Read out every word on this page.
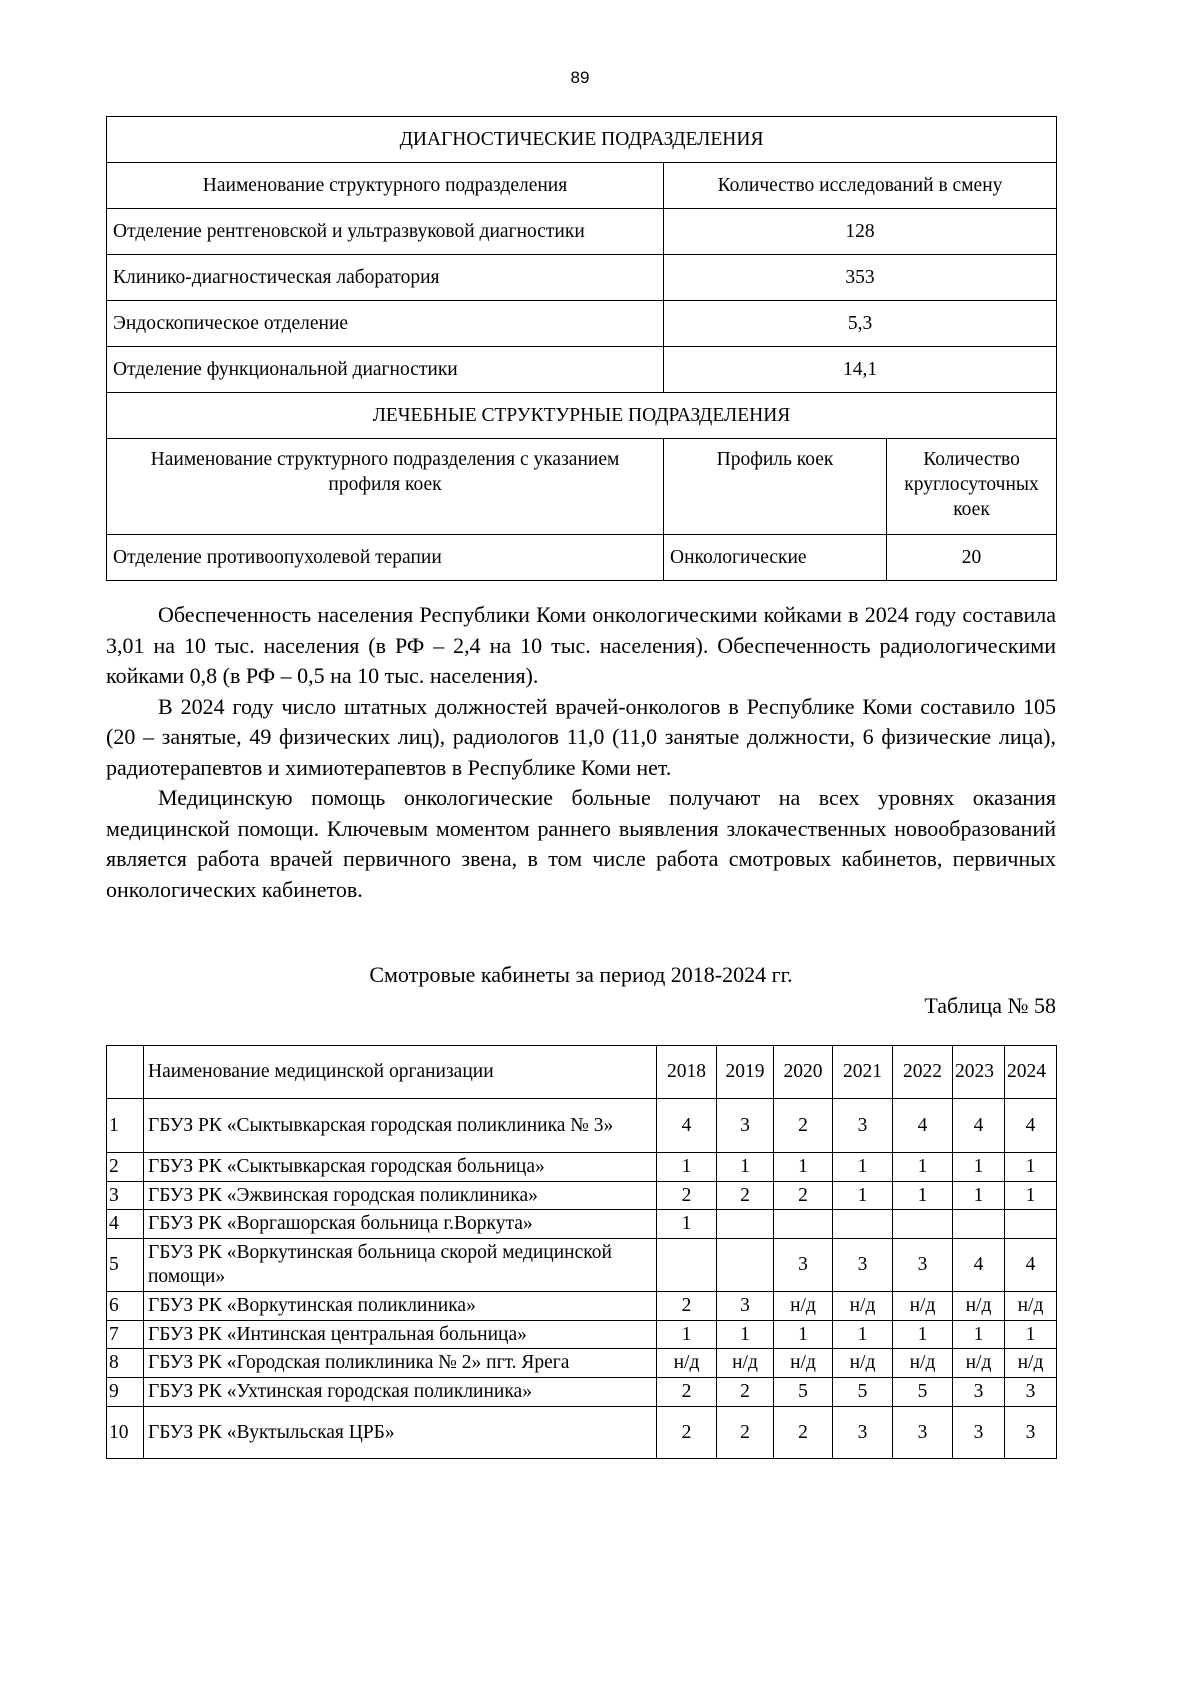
89
ДИАГНОСТИЧЕСКИЕ ПОДРАЗДЕЛЕНИЯ		
Наименование структурного подразделения	Количество исследований в смену	
Отделение рентгеновской и ультразвуковой диагностики	128	
Клинико-диагностическая лаборатория	353	
Эндоскопическое отделение	5,3	
Отделение функциональной диагностики	14,1	
ЛЕЧЕБНЫЕ СТРУКТУРНЫЕ ПОДРАЗДЕЛЕНИЯ		
Наименование структурного подразделения с указанием профиля коек	Профиль коек	Количество круглосуточных коек
Отделение противоопухолевой терапии	Онкологические	20

Обеспеченность населения Республики Коми онкологическими койками в 2024 году составила 3,01 на 10 тыс. населения (в РФ – 2,4 на 10 тыс. населения). Обеспеченность радиологическими койками 0,8 (в РФ – 0,5 на 10 тыс. населения).

В 2024 году число штатных должностей врачей-онкологов в Республике Коми составило 105 (20 – занятые, 49 физических лиц), радиологов 11,0 (11,0 занятые должности, 6 физические лица), радиотерапевтов и химиотерапевтов в Республике Коми нет.

Медицинскую помощь онкологические больные получают на всех уровнях оказания медицинской помощи. Ключевым моментом раннего выявления злокачественных новообразований является работа врачей первичного звена, в том числе работа смотровых кабинетов, первичных онкологических кабинетов.

Смотровые кабинеты за период 2018-2024 гг.
Таблица № 58
	Наименование медицинской организации	2018	2019	2020	2021	2022	2023	2024
1	ГБУЗ РК «Сыктывкарская городская поликлиника № 3»	4	3	2	3	4	4	4
2	ГБУЗ РК «Сыктывкарская городская больница»	1	1	1	1	1	1	1
3	ГБУЗ РК «Эжвинская городская поликлиника»	2	2	2	1	1	1	1
4	ГБУЗ РК «Воргашорская больница г.Воркута»	1						
5	ГБУЗ РК «Воркутинская больница скорой медицинской помощи»			3	3	3	4	4
6	ГБУЗ РК «Воркутинская поликлиника»	2	3	н/д	н/д	н/д	н/д	н/д
7	ГБУЗ РК «Интинская центральная больница»	1	1	1	1	1	1	1
8	ГБУЗ РК «Городская поликлиника № 2» пгт. Ярега	н/д	н/д	н/д	н/д	н/д	н/д	н/д
9	ГБУЗ РК «Ухтинская городская поликлиника»	2	2	5	5	5	3	3
10	ГБУЗ РК «Вуктыльская ЦРБ»	2	2	2	3	3	3	3
